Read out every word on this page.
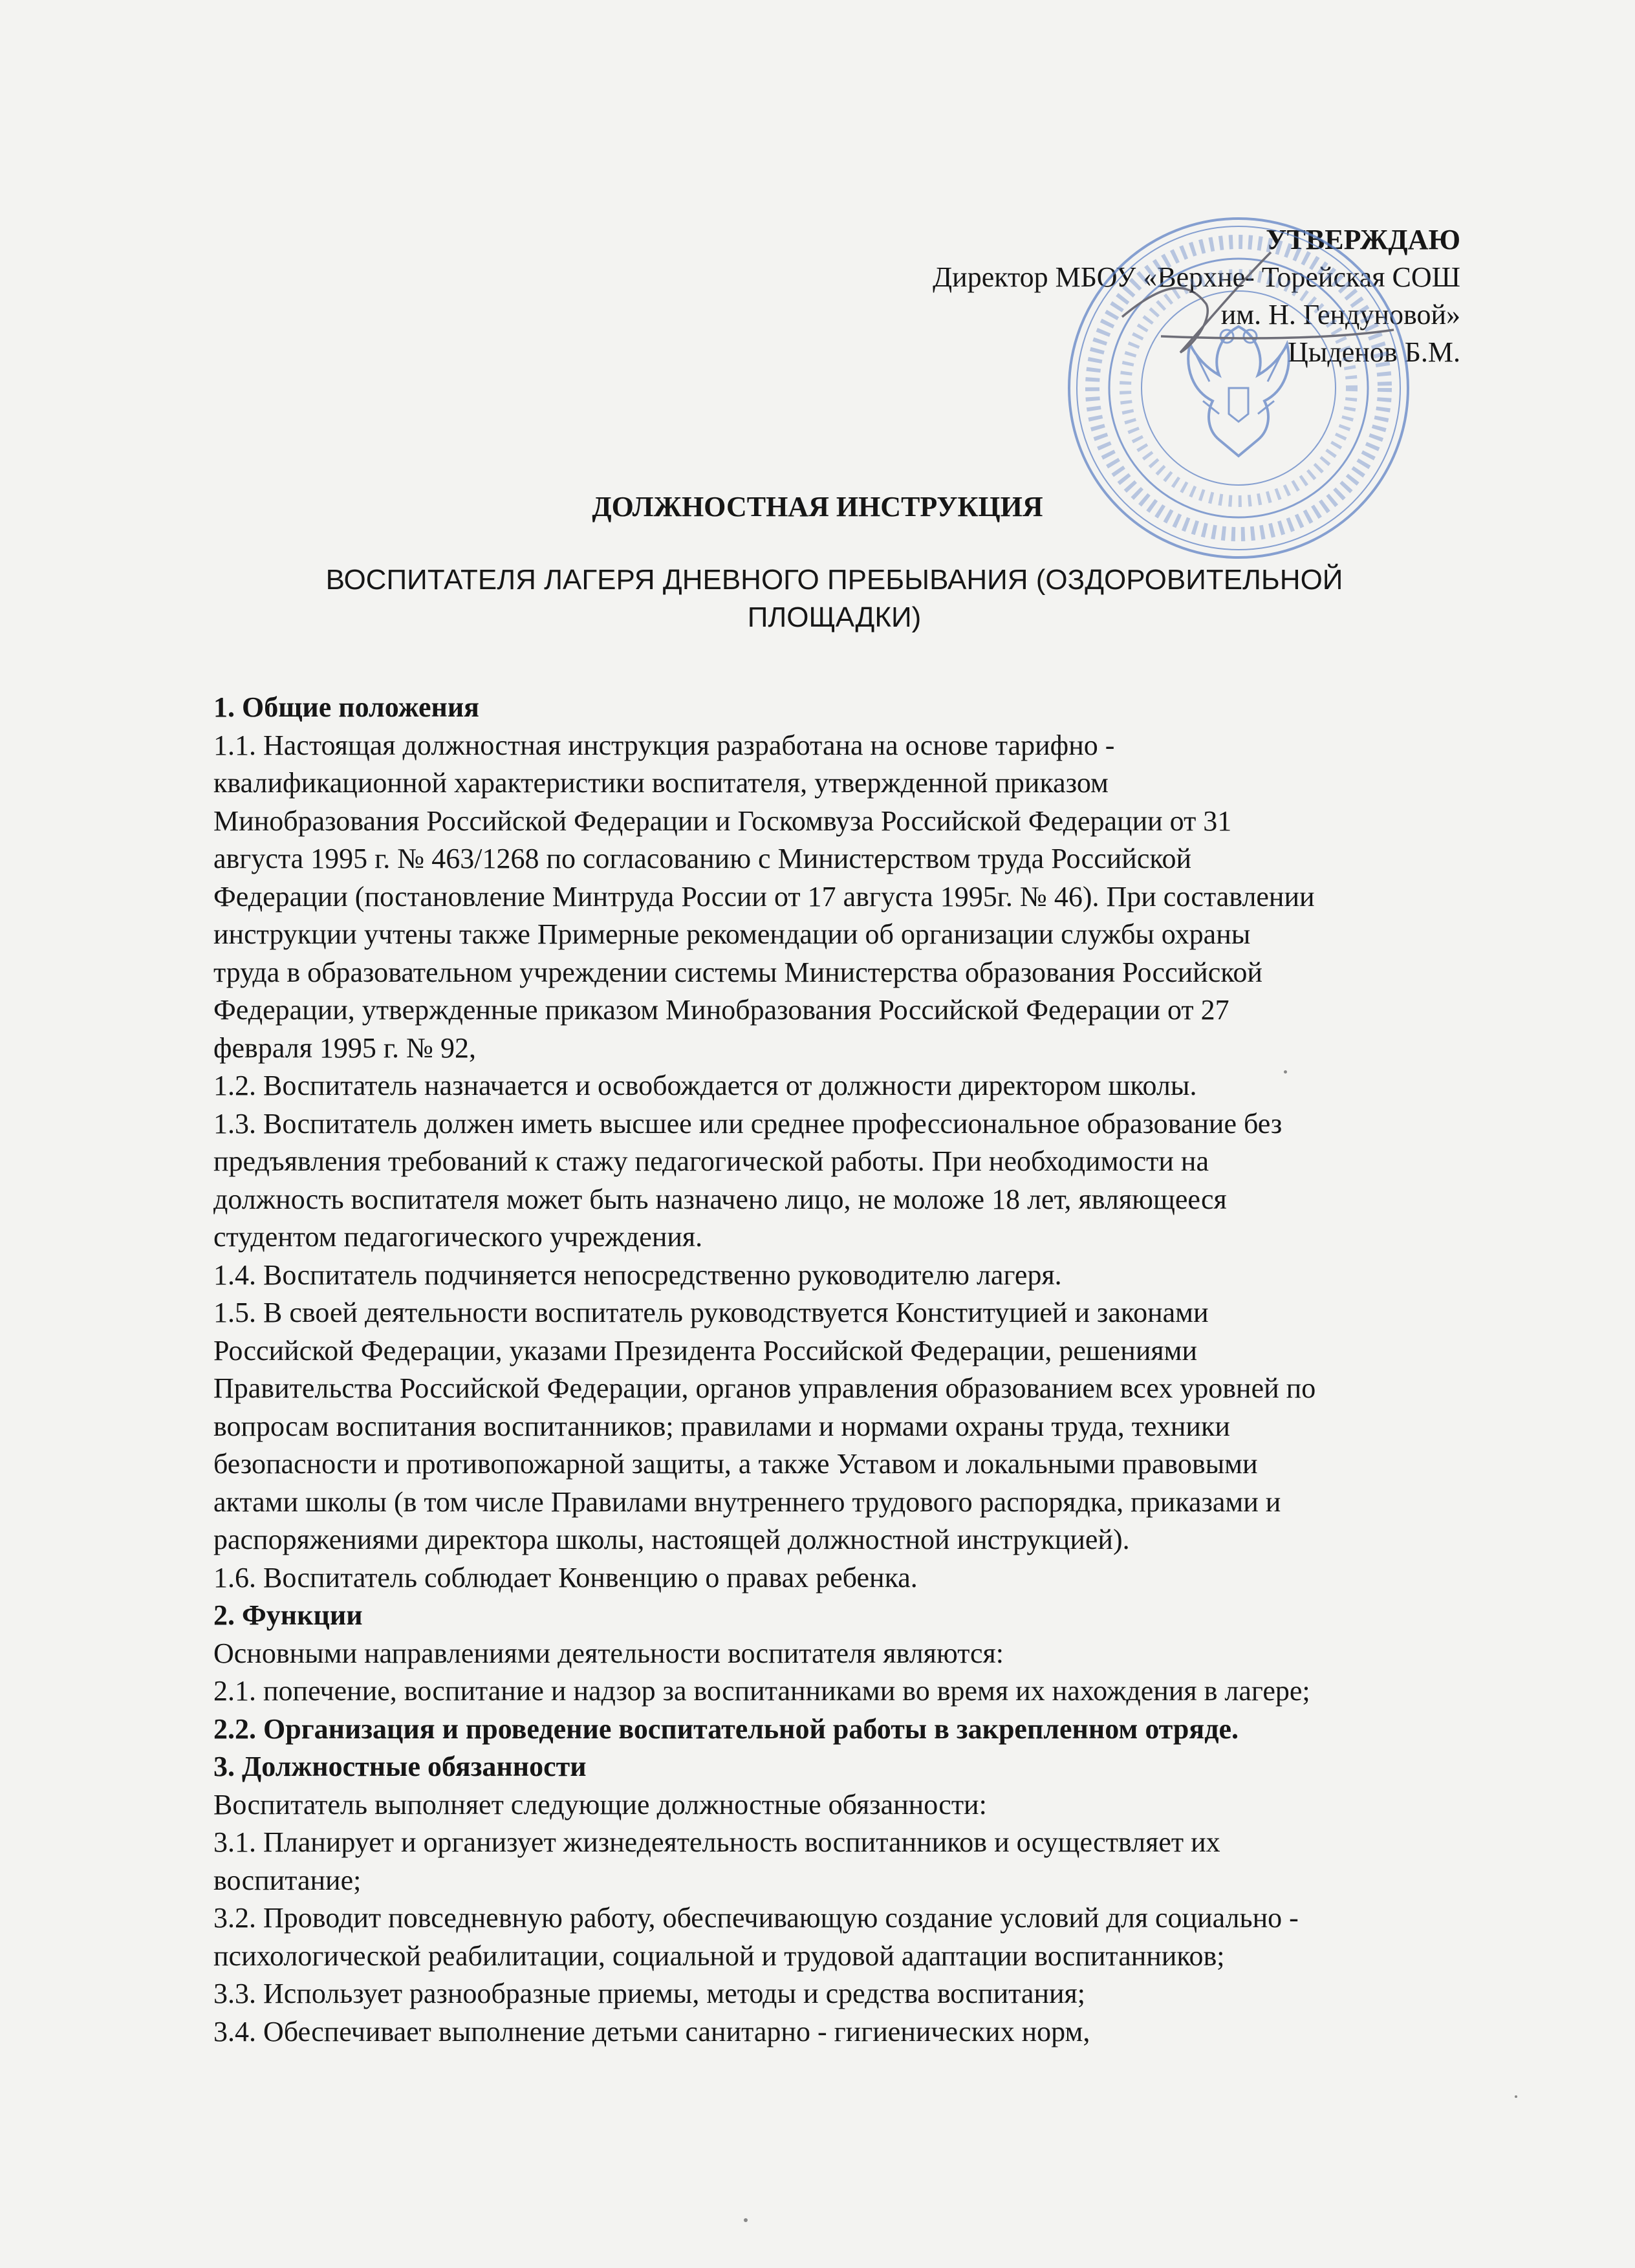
УТВЕРЖДАЮ
Директор МБОУ «Верхне- Торейская СОШ
им. Н. Гендуновой»
Цыденов Б.М.
ДОЛЖНОСТНАЯ ИНСТРУКЦИЯ
ВОСПИТАТЕЛЯ ЛАГЕРЯ ДНЕВНОГО ПРЕБЫВАНИЯ (ОЗДОРОВИТЕЛЬНОЙ
ПЛОЩАДКИ)
1. Общие положения
1.1. Настоящая должностная инструкция разработана на основе тарифно -
квалификационной характеристики воспитателя, утвержденной приказом
Минобразования Российской Федерации и Госкомвуза Российской Федерации от 31
августа 1995 г. № 463/1268 по согласованию с Министерством труда Российской
Федерации (постановление Минтруда России от 17 августа 1995г. № 46). При составлении
инструкции учтены также Примерные рекомендации об организации службы охраны
труда в образовательном учреждении системы Министерства образования Российской
Федерации, утвержденные приказом Минобразования Российской Федерации от 27
февраля 1995 г. № 92,
1.2. Воспитатель назначается и освобождается от должности директором школы.
1.3. Воспитатель должен иметь высшее или среднее профессиональное образование без
предъявления требований к стажу педагогической работы. При необходимости на
должность воспитателя может быть назначено лицо, не моложе 18 лет, являющееся
студентом педагогического учреждения.
1.4. Воспитатель подчиняется непосредственно руководителю лагеря.
1.5. В своей деятельности воспитатель руководствуется Конституцией и законами
Российской Федерации, указами Президента Российской Федерации, решениями
Правительства Российской Федерации, органов управления образованием всех уровней по
вопросам воспитания воспитанников; правилами и нормами охраны труда, техники
безопасности и противопожарной защиты, а также Уставом и локальными правовыми
актами школы (в том числе Правилами внутреннего трудового распорядка, приказами и
распоряжениями директора школы, настоящей должностной инструкцией).
1.6. Воспитатель соблюдает Конвенцию о правах ребенка.
2. Функции
Основными направлениями деятельности воспитателя являются:
2.1. попечение, воспитание и надзор за воспитанниками во время их нахождения в лагере;
2.2. Организация и проведение воспитательной работы в закрепленном отряде.
3. Должностные обязанности
Воспитатель выполняет следующие должностные обязанности:
3.1. Планирует и организует жизнедеятельность воспитанников и осуществляет их
воспитание;
3.2. Проводит повседневную работу, обеспечивающую создание условий для социально -
психологической реабилитации, социальной и трудовой адаптации воспитанников;
3.3. Использует разнообразные приемы, методы и средства воспитания;
3.4. Обеспечивает выполнение детьми санитарно - гигиенических норм,
